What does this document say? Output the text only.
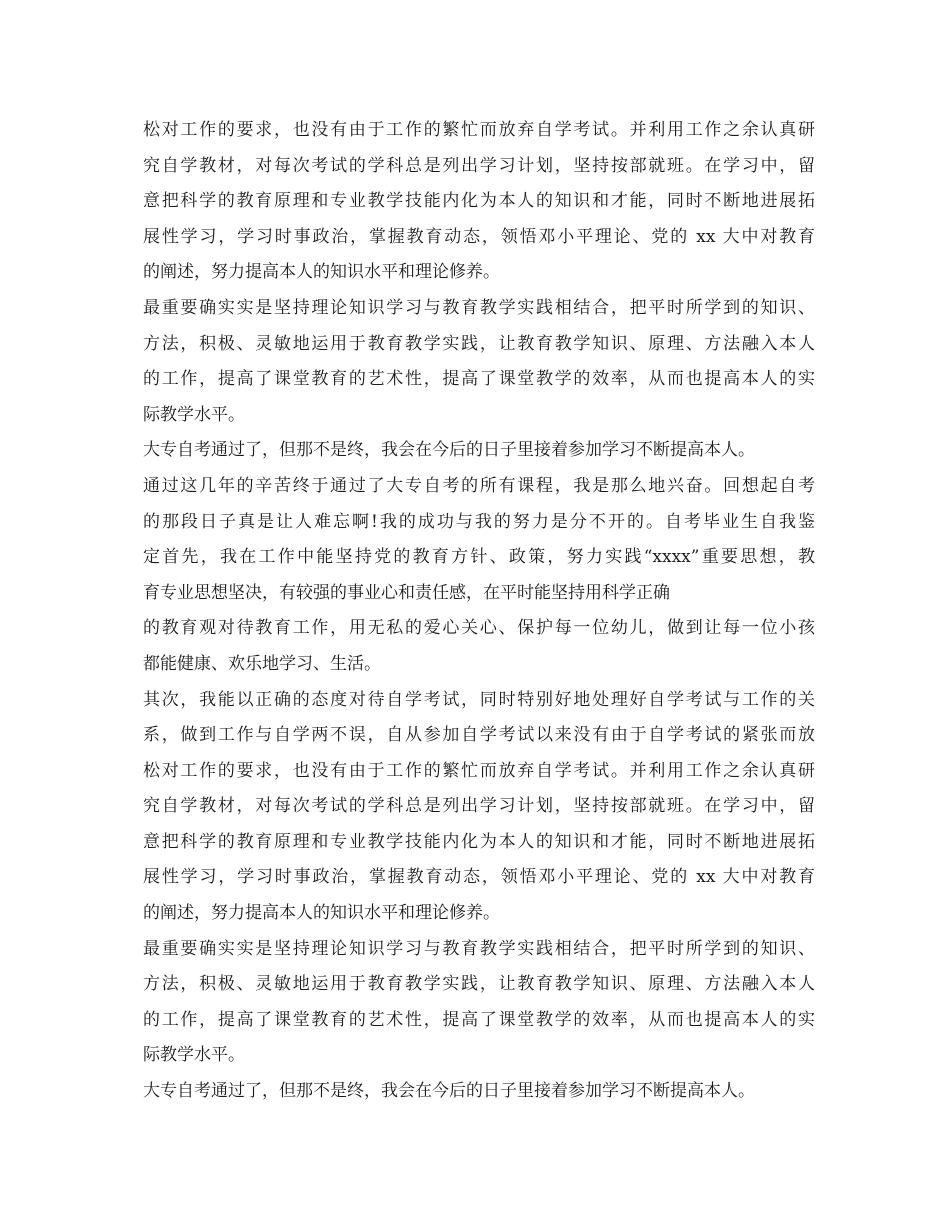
松对工作的要求，也没有由于工作的繁忙而放弃自学考试。并利用工作之余认真研
究自学教材，对每次考试的学科总是列出学习计划，坚持按部就班。在学习中，留
意把科学的教育原理和专业教学技能内化为本人的知识和才能，同时不断地进展拓
展性学习，学习时事政治，掌握教育动态，领悟邓小平理论、党的 xx 大中对教育
的阐述，努力提高本人的知识水平和理论修养。
最重要确实实是坚持理论知识学习与教育教学实践相结合，把平时所学到的知识、
方法，积极、灵敏地运用于教育教学实践，让教育教学知识、原理、方法融入本人
的工作，提高了课堂教育的艺术性，提高了课堂教学的效率，从而也提高本人的实
际教学水平。
大专自考通过了，但那不是终，我会在今后的日子里接着参加学习不断提高本人。
通过这几年的辛苦终于通过了大专自考的所有课程，我是那么地兴奋。回想起自考
的那段日子真是让人难忘啊!我的成功与我的努力是分不开的。自考毕业生自我鉴
定首先，我在工作中能坚持党的教育方针、政策，努力实践“xxxx”重要思想，教
育专业思想坚决，有较强的事业心和责任感，在平时能坚持用科学正确
的教育观对待教育工作，用无私的爱心关心、保护每一位幼儿，做到让每一位小孩
都能健康、欢乐地学习、生活。
其次，我能以正确的态度对待自学考试，同时特别好地处理好自学考试与工作的关
系，做到工作与自学两不误，自从参加自学考试以来没有由于自学考试的紧张而放
松对工作的要求，也没有由于工作的繁忙而放弃自学考试。并利用工作之余认真研
究自学教材，对每次考试的学科总是列出学习计划，坚持按部就班。在学习中，留
意把科学的教育原理和专业教学技能内化为本人的知识和才能，同时不断地进展拓
展性学习，学习时事政治，掌握教育动态，领悟邓小平理论、党的 xx 大中对教育
的阐述，努力提高本人的知识水平和理论修养。
最重要确实实是坚持理论知识学习与教育教学实践相结合，把平时所学到的知识、
方法，积极、灵敏地运用于教育教学实践，让教育教学知识、原理、方法融入本人
的工作，提高了课堂教育的艺术性，提高了课堂教学的效率，从而也提高本人的实
际教学水平。
大专自考通过了，但那不是终，我会在今后的日子里接着参加学习不断提高本人。
